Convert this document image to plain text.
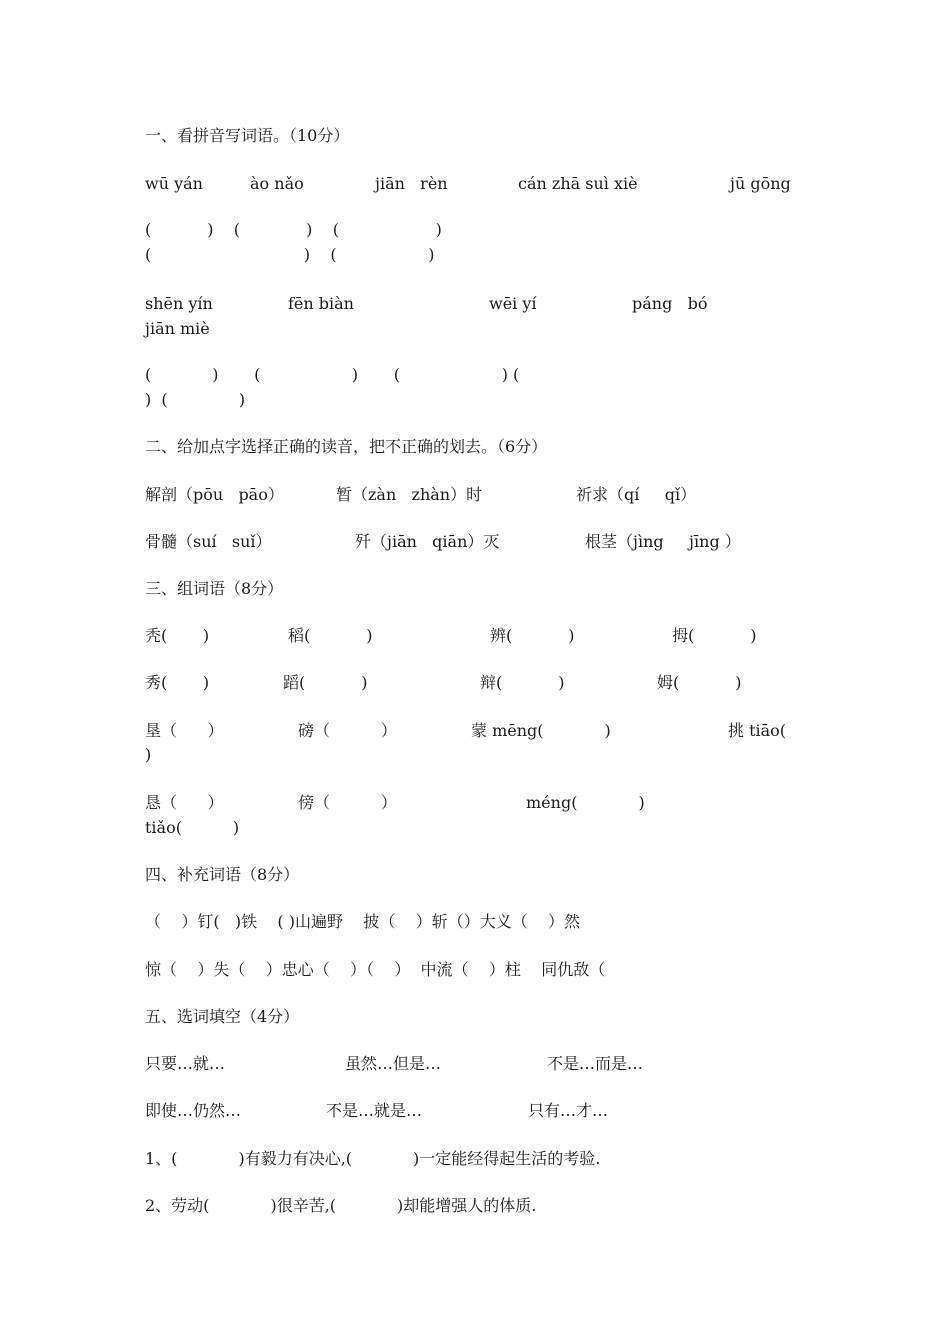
一、看拼音写词语。（10分）
wū yán	ào nǎo	jiān   rèn	cán zhā suì xiè	jū gōng
(           )    (             )    (                   )
(                              )    (                  )
shēn yín	fēn biàn	wēi yí	páng   bó
jiān miè
(            )       (                  )       (                    ) (
)  (              )
二、给加点字选择正确的读音，把不正确的划去。（6分）
解剖（pōu   pāo）	暂（zàn   zhàn）时	祈求（qí     qǐ）
骨髓（suí   suǐ）	歼（jiān   qiān）灭	根茎（jìng     jīng ）
三、组词语（8分）
秃(       )	稻(           )	辨(           )	拇(           )
秀(       )	蹈(           )	辩(           )	姆(           )
垦（      ）	磅（          ）	蒙 mēng(            )	挑 tiāo(
)
恳（      ）	傍（          ）	méng(            )
tiǎo(          )
四、补充词语（8分）
（    ）钉(   )铁    ( )山遍野    披（    ）斩（）大义（    ）然
惊（    ）失（    ）忠心（    ）（    ）  中流（    ）柱    同仇敌（
五、选词填空（4分）
只要…就…	虽然…但是…	不是…而是…
即使…仍然…	不是…就是…	只有…才…
1、(            )有毅力有决心,(            )一定能经得起生活的考验.
2、劳动(            )很辛苦,(            )却能增强人的体质.
